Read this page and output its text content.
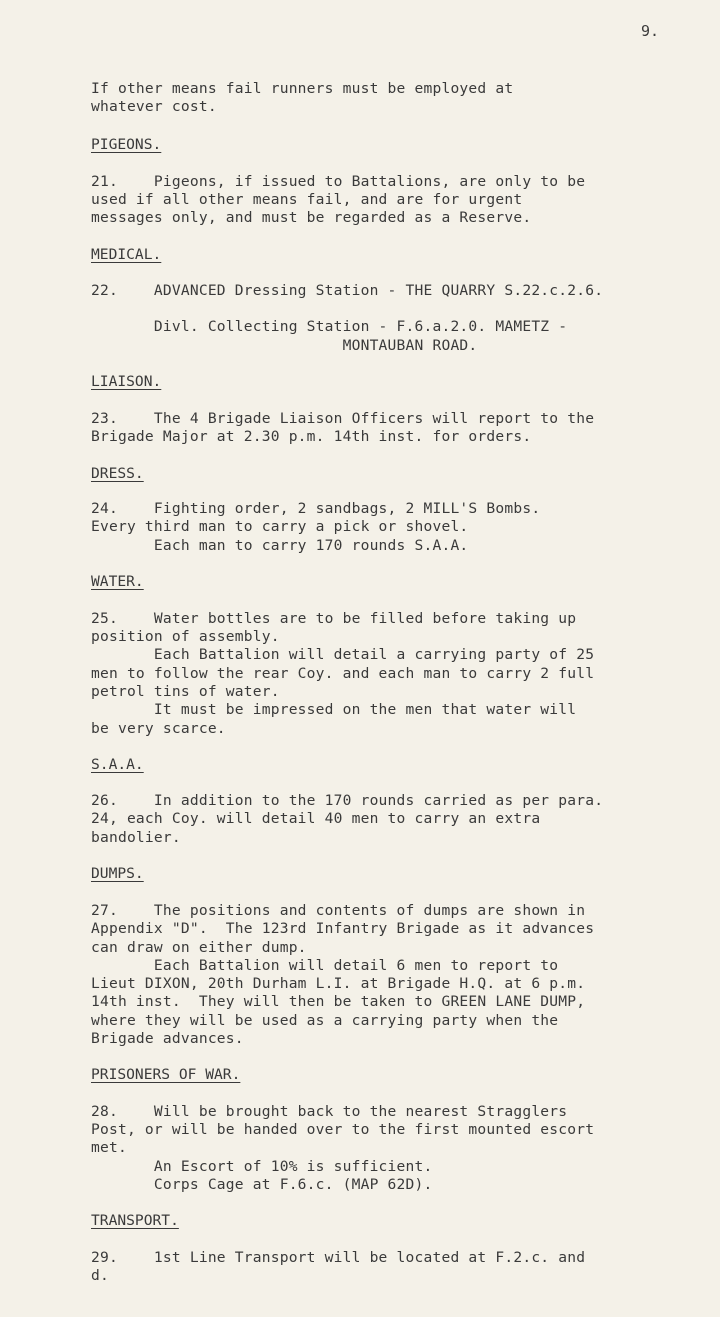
9.
If other means fail runners must be employed at
whatever cost.
PIGEONS.
21.    Pigeons, if issued to Battalions, are only to be
used if all other means fail, and are for urgent
messages only, and must be regarded as a Reserve.
MEDICAL.
22.    ADVANCED Dressing Station - THE QUARRY S.22.c.2.6.
Divl. Collecting Station - F.6.a.2.0. MAMETZ -
MONTAUBAN ROAD.
LIAISON.
23.    The 4 Brigade Liaison Officers will report to the
Brigade Major at 2.30 p.m. 14th inst. for orders.
DRESS.
24.    Fighting order, 2 sandbags, 2 MILL'S Bombs.
Every third man to carry a pick or shovel.
Each man to carry 170 rounds S.A.A.
WATER.
25.    Water bottles are to be filled before taking up
position of assembly.
Each Battalion will detail a carrying party of 25
men to follow the rear Coy. and each man to carry 2 full
petrol tins of water.
It must be impressed on the men that water will
be very scarce.
S.A.A.
26.    In addition to the 170 rounds carried as per para.
24, each Coy. will detail 40 men to carry an extra
bandolier.
DUMPS.
27.    The positions and contents of dumps are shown in
Appendix "D".  The 123rd Infantry Brigade as it advances
can draw on either dump.
Each Battalion will detail 6 men to report to
Lieut DIXON, 20th Durham L.I. at Brigade H.Q. at 6 p.m.
14th inst.  They will then be taken to GREEN LANE DUMP,
where they will be used as a carrying party when the
Brigade advances.
PRISONERS OF WAR.
28.    Will be brought back to the nearest Stragglers
Post, or will be handed over to the first mounted escort
met.
An Escort of 10% is sufficient.
Corps Cage at F.6.c. (MAP 62D).
TRANSPORT.
29.    1st Line Transport will be located at F.2.c. and
d.
